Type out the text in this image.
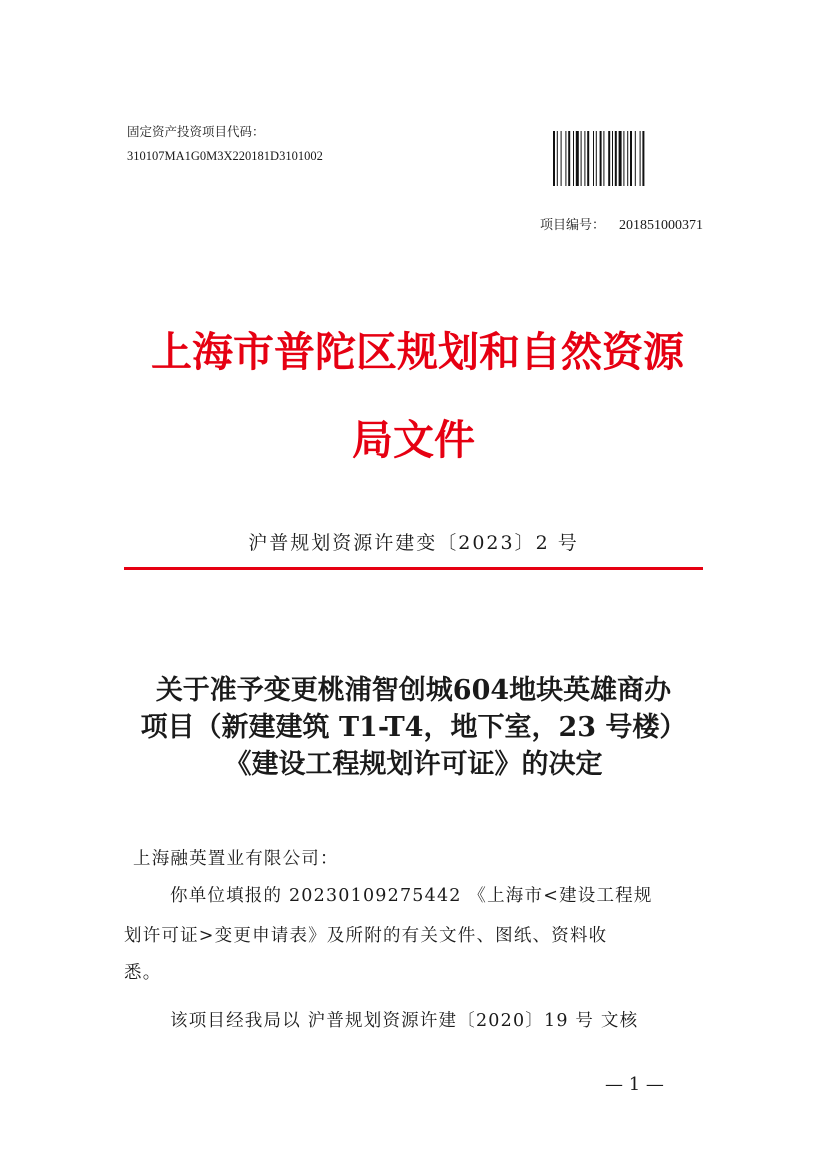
固定资产投资项目代码：
310107MA1G0M3X220181D3101002
项目编号： 201851000371
上海市普陀区规划和自然资源
局文件
沪普规划资源许建变〔2023〕2 号
关于准予变更桃浦智创城604地块英雄商办
项目（新建建筑 T1-T4，地下室，23 号楼）
《建设工程规划许可证》的决定
上海融英置业有限公司：
你单位填报的 20230109275442 《上海市<建设工程规
划许可证>变更申请表》及所附的有关文件、图纸、资料收
悉。
该项目经我局以 沪普规划资源许建〔2020〕19 号 文核
— 1 —
